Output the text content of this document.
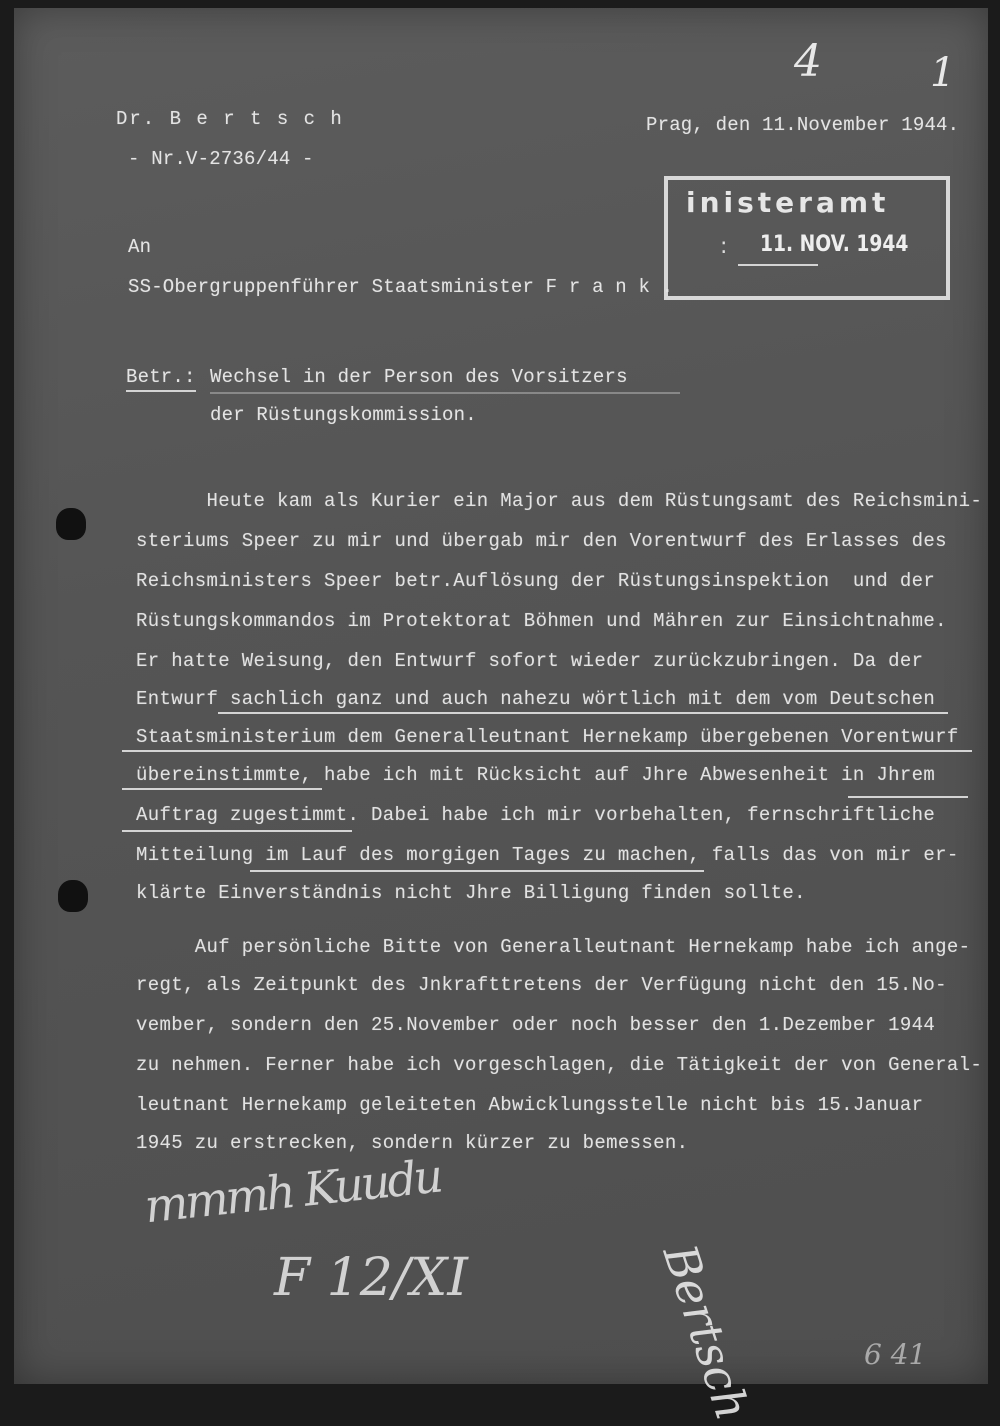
Dr. B e r t s c h
- Nr.V-2736/44 -
Prag, den 11.November 1944.
4	1
inisteramt
: 11. NOV. 1944
An
SS-Obergruppenführer Staatsminister F r a n k .
Betr.: Wechsel in der Person des Vorsitzers
der Rüstungskommission.
Heute kam als Kurier ein Major aus dem Rüstungsamt des Reichsmini-
steriums Speer zu mir und übergab mir den Vorentwurf des Erlasses des
Reichsministers Speer betr.Auflösung der Rüstungsinspektion  und der
Rüstungskommandos im Protektorat Böhmen und Mähren zur Einsichtnahme.
Er hatte Weisung, den Entwurf sofort wieder zurückzubringen. Da der
Entwurf sachlich ganz und auch nahezu wörtlich mit dem vom Deutschen
Staatsministerium dem Generalleutnant Hernekamp übergebenen Vorentwurf
übereinstimmte, habe ich mit Rücksicht auf Jhre Abwesenheit in Jhrem
Auftrag zugestimmt. Dabei habe ich mir vorbehalten, fernschriftliche
Mitteilung im Lauf des morgigen Tages zu machen, falls das von mir er-
klärte Einverständnis nicht Jhre Billigung finden sollte.
Auf persönliche Bitte von Generalleutnant Hernekamp habe ich ange-
regt, als Zeitpunkt des Jnkrafttretens der Verfügung nicht den 15.No-
vember, sondern den 25.November oder noch besser den 1.Dezember 1944
zu nehmen. Ferner habe ich vorgeschlagen, die Tätigkeit der von General-
leutnant Hernekamp geleiteten Abwicklungsstelle nicht bis 15.Januar
1945 zu erstrecken, sondern kürzer zu bemessen.
mmmh Kuudu
F 12/XI	Bertsch	6 41
